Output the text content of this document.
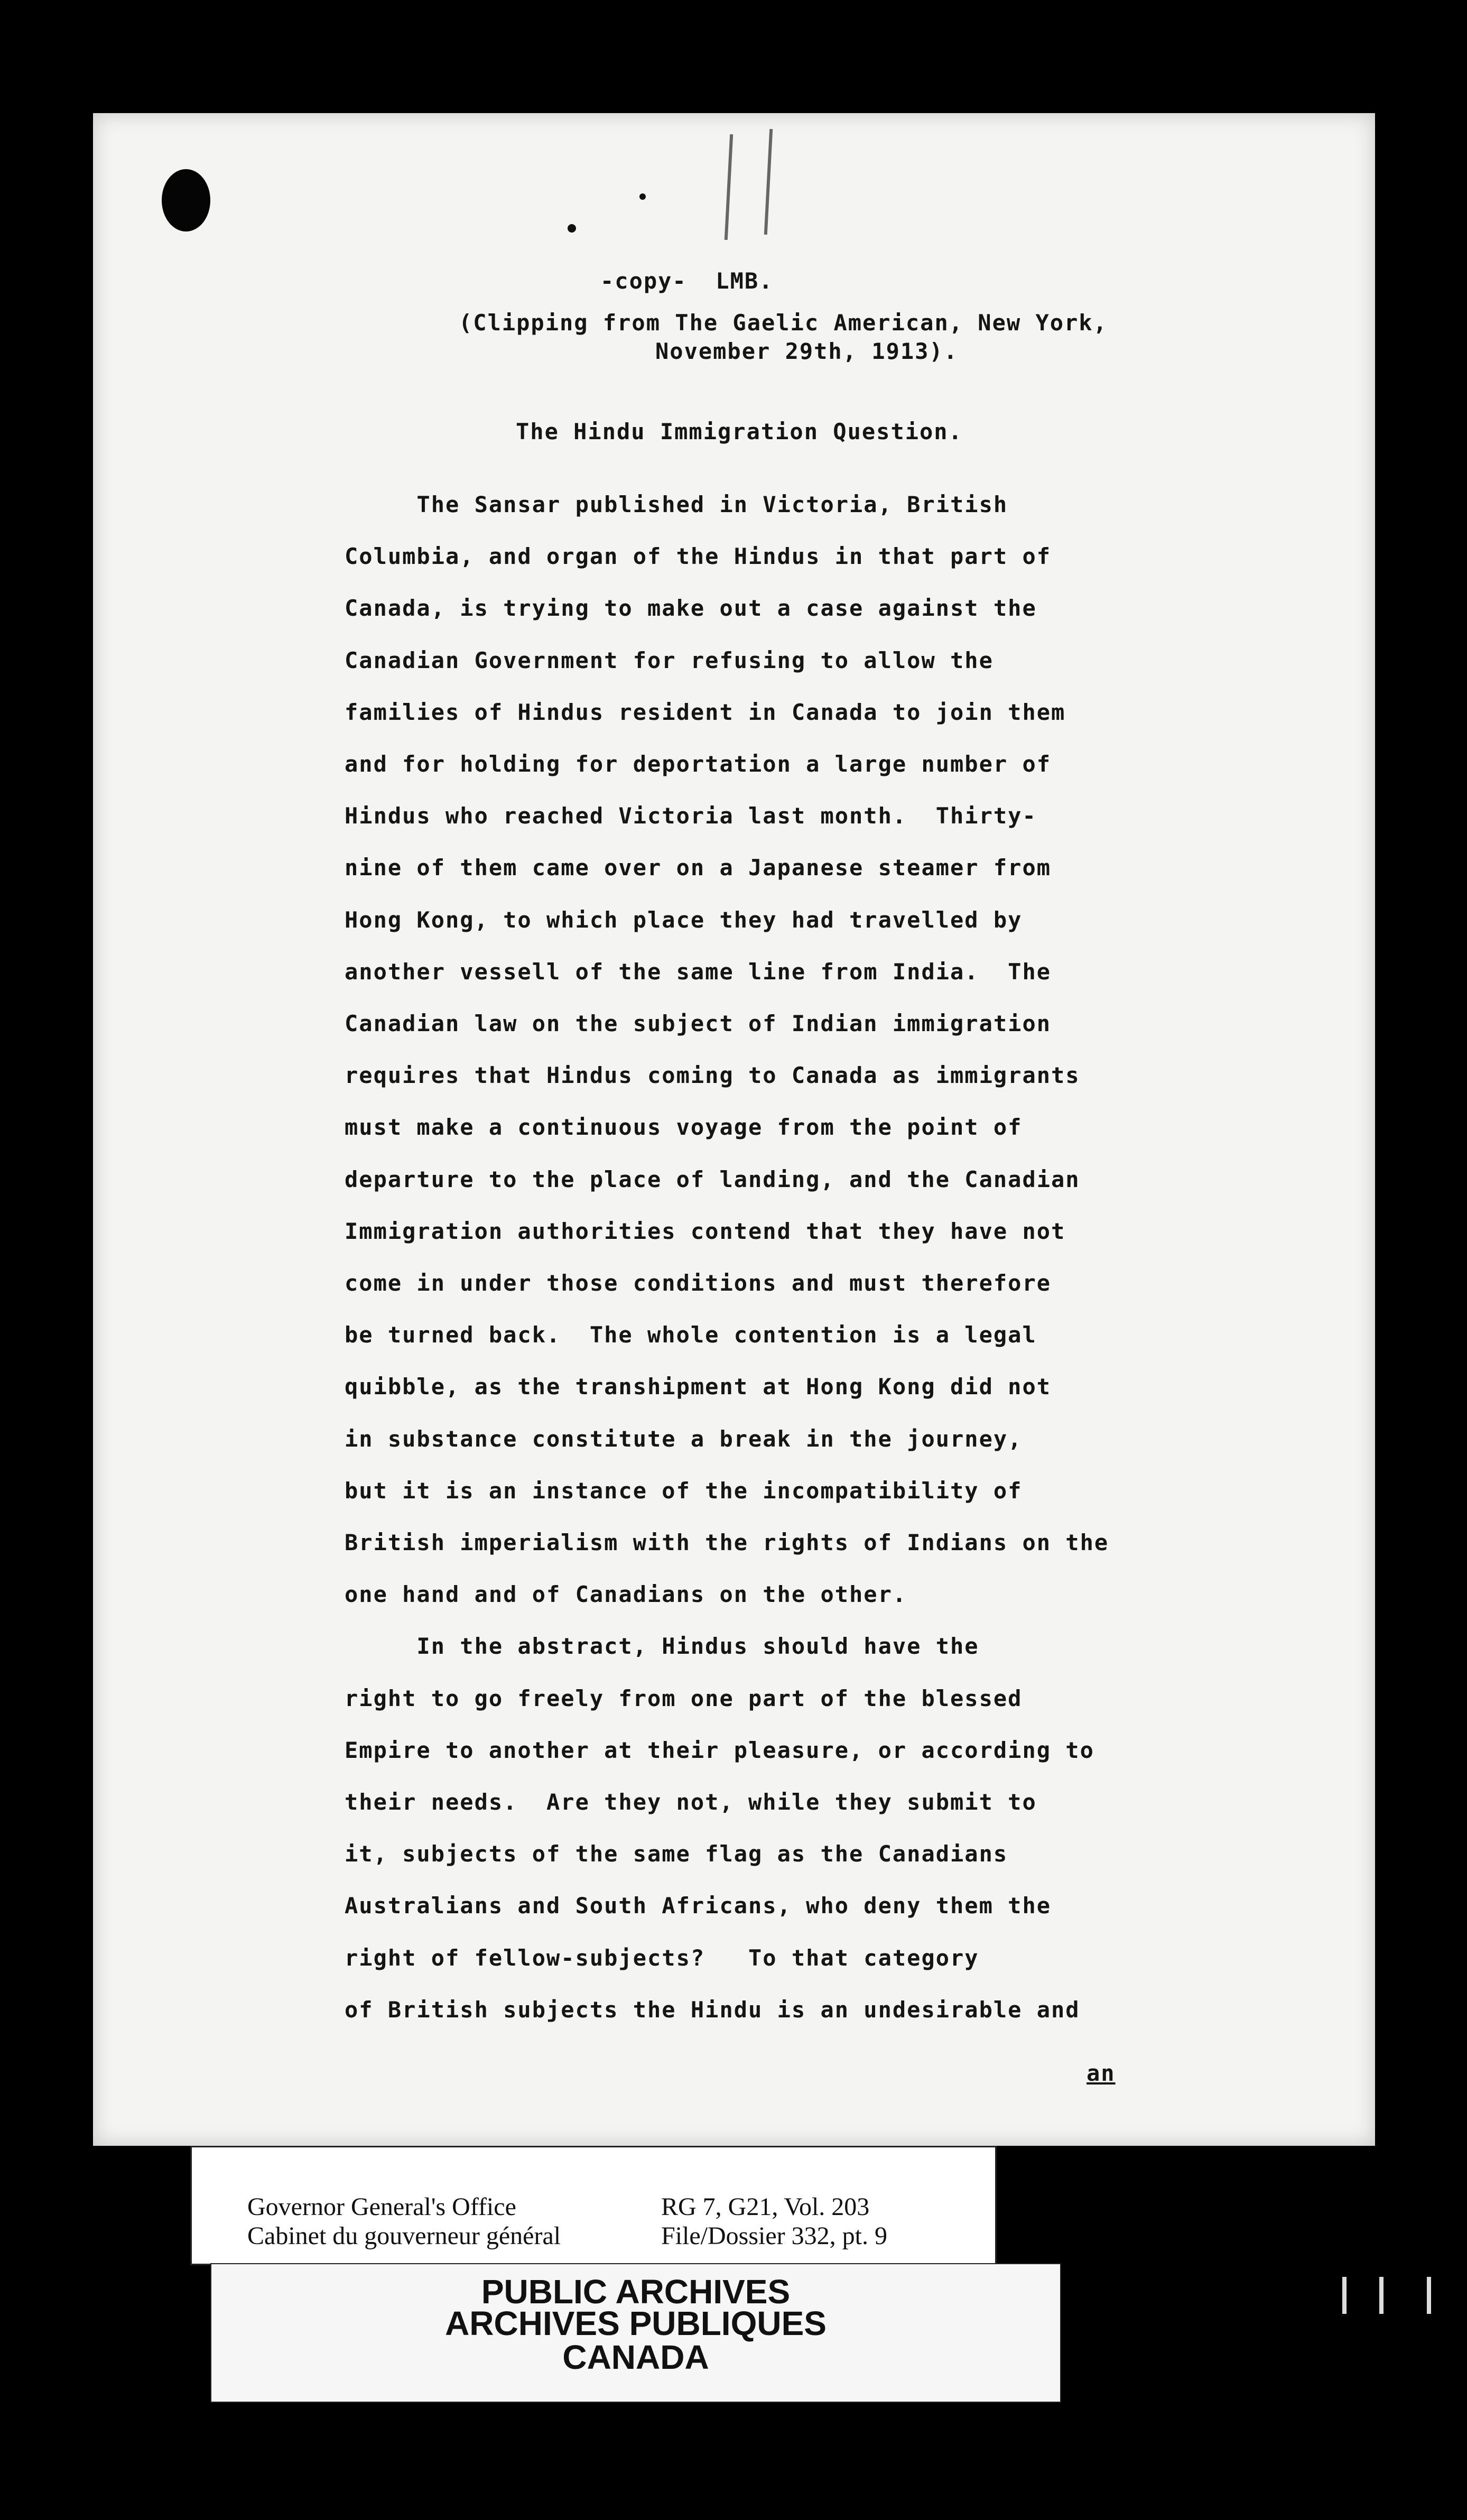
-copy-  LMB.
(Clipping from The Gaelic American, New York,
November 29th, 1913).
The Hindu Immigration Question.
The Sansar published in Victoria, British
Columbia, and organ of the Hindus in that part of
Canada, is trying to make out a case against the
Canadian Government for refusing to allow the
families of Hindus resident in Canada to join them
and for holding for deportation a large number of
Hindus who reached Victoria last month.  Thirty-
nine of them came over on a Japanese steamer from
Hong Kong, to which place they had travelled by
another vessell of the same line from India.  The
Canadian law on the subject of Indian immigration
requires that Hindus coming to Canada as immigrants
must make a continuous voyage from the point of
departure to the place of landing, and the Canadian
Immigration authorities contend that they have not
come in under those conditions and must therefore
be turned back.  The whole contention is a legal
quibble, as the transhipment at Hong Kong did not
in substance constitute a break in the journey,
but it is an instance of the incompatibility of
British imperialism with the rights of Indians on the
one hand and of Canadians on the other.
In the abstract, Hindus should have the
right to go freely from one part of the blessed
Empire to another at their pleasure, or according to
their needs.  Are they not, while they submit to
it, subjects of the same flag as the Canadians
Australians and South Africans, who deny them the
right of fellow-subjects?   To that category
of British subjects the Hindu is an undesirable and
an
Governor General's Office
Cabinet du gouverneur général
RG 7, G21, Vol. 203
File/Dossier 332, pt. 9
PUBLIC ARCHIVES
ARCHIVES PUBLIQUES
CANADA
